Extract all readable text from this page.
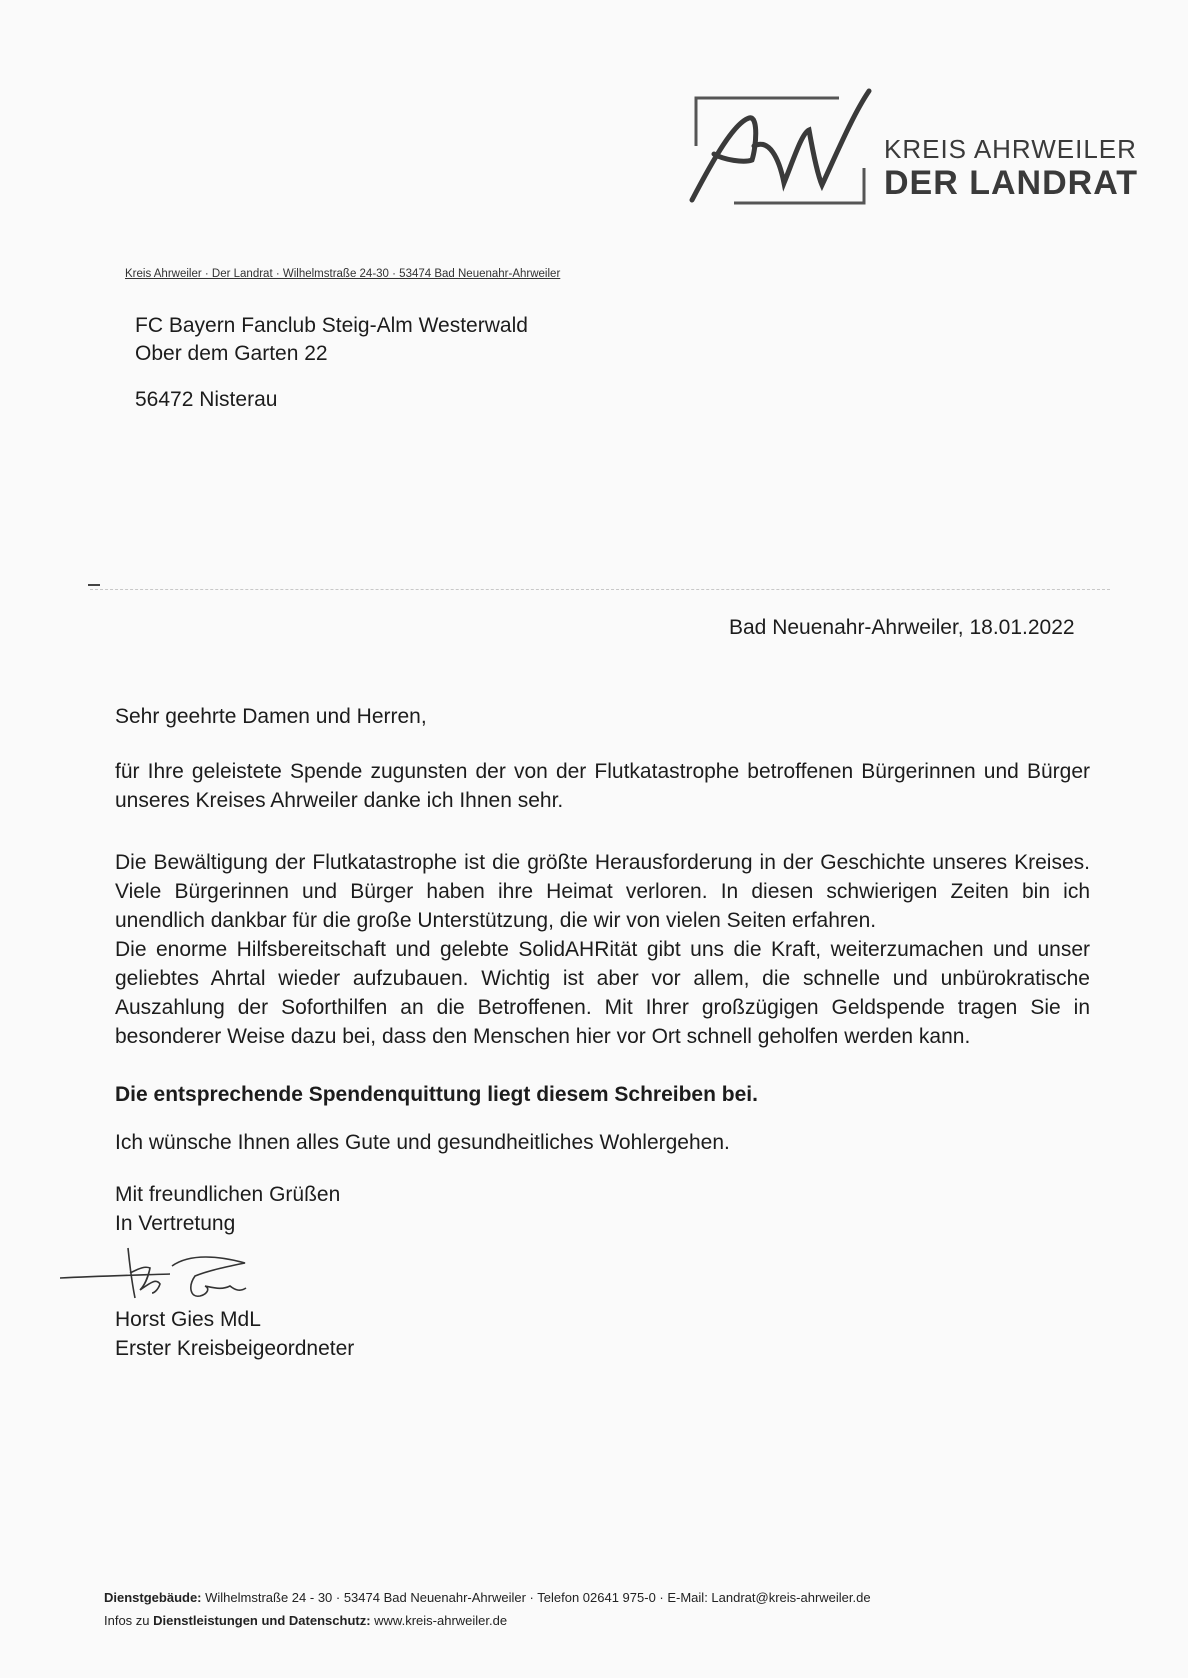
KREIS AHRWEILER
DER LANDRAT
Kreis Ahrweiler · Der Landrat · Wilhelmstraße 24-30 · 53474 Bad Neuenahr-Ahrweiler
FC Bayern Fanclub Steig-Alm Westerwald
Ober dem Garten 22
56472 Nisterau
Bad Neuenahr-Ahrweiler, 18.01.2022
Sehr geehrte Damen und Herren,
für Ihre geleistete Spende zugunsten der von der Flutkatastrophe betroffenen Bürgerinnen und Bürger unseres Kreises Ahrweiler danke ich Ihnen sehr.
Die Bewältigung der Flutkatastrophe ist die größte Herausforderung in der Geschichte unseres Kreises. Viele Bürgerinnen und Bürger haben ihre Heimat verloren. In diesen schwierigen Zeiten bin ich unendlich dankbar für die große Unterstützung, die wir von vielen Seiten erfahren.
Die enorme Hilfsbereitschaft und gelebte SolidAHRität gibt uns die Kraft, weiterzumachen und unser geliebtes Ahrtal wieder aufzubauen. Wichtig ist aber vor allem, die schnelle und unbürokratische Auszahlung der Soforthilfen an die Betroffenen. Mit Ihrer großzügigen Geldspende tragen Sie in besonderer Weise dazu bei, dass den Menschen hier vor Ort schnell geholfen werden kann.
Die entsprechende Spendenquittung liegt diesem Schreiben bei.
Ich wünsche Ihnen alles Gute und gesundheitliches Wohlergehen.
Mit freundlichen Grüßen
In Vertretung
Horst Gies MdL
Erster Kreisbeigeordneter
Dienstgebäude: Wilhelmstraße 24 - 30 · 53474 Bad Neuenahr-Ahrweiler · Telefon 02641 975-0 · E-Mail: Landrat@kreis-ahrweiler.de
Infos zu Dienstleistungen und Datenschutz: www.kreis-ahrweiler.de
